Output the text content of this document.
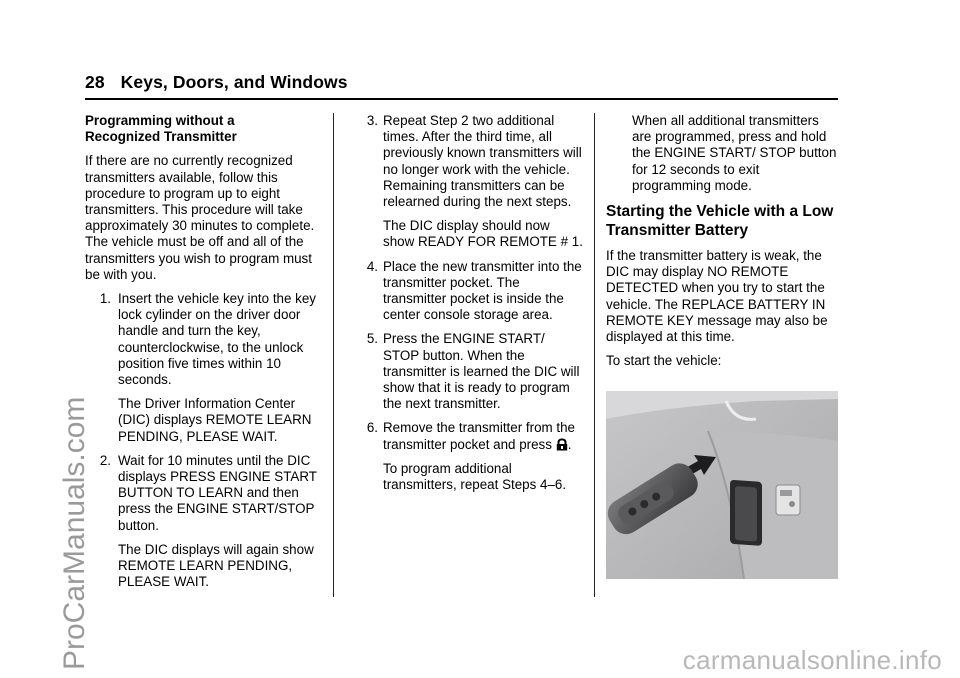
28 Keys, Doors, and Windows

Programming without a
Recognized Transmitter

If there are no currently recognized transmitters available, follow this procedure to program up to eight transmitters. This procedure will take approximately 30 minutes to complete. The vehicle must be off and all of the transmitters you wish to program must be with you.

1. Insert the vehicle key into the key lock cylinder on the driver door handle and turn the key, counterclockwise, to the unlock position five times within 10 seconds.

The Driver Information Center (DIC) displays REMOTE LEARN PENDING, PLEASE WAIT.

2. Wait for 10 minutes until the DIC displays PRESS ENGINE START BUTTON TO LEARN and then press the ENGINE START/STOP button.

The DIC displays will again show REMOTE LEARN PENDING, PLEASE WAIT.

3. Repeat Step 2 two additional times. After the third time, all previously known transmitters will no longer work with the vehicle. Remaining transmitters can be relearned during the next steps.

The DIC display should now show READY FOR REMOTE # 1.

4. Place the new transmitter into the transmitter pocket. The transmitter pocket is inside the center console storage area.
5. Press the ENGINE START/ STOP button. When the transmitter is learned the DIC will show that it is ready to program the next transmitter.
6. Remove the transmitter from the transmitter pocket and press .

To program additional transmitters, repeat Steps 4–6.

When all additional transmitters are programmed, press and hold the ENGINE START/ STOP button for 12 seconds to exit programming mode.

Starting the Vehicle with a Low Transmitter Battery

If the transmitter battery is weak, the DIC may display NO REMOTE DETECTED when you try to start the vehicle. The REPLACE BATTERY IN REMOTE KEY message may also be displayed at this time.

To start the vehicle:

ProCarManuals.com	carmanualsonline.info
